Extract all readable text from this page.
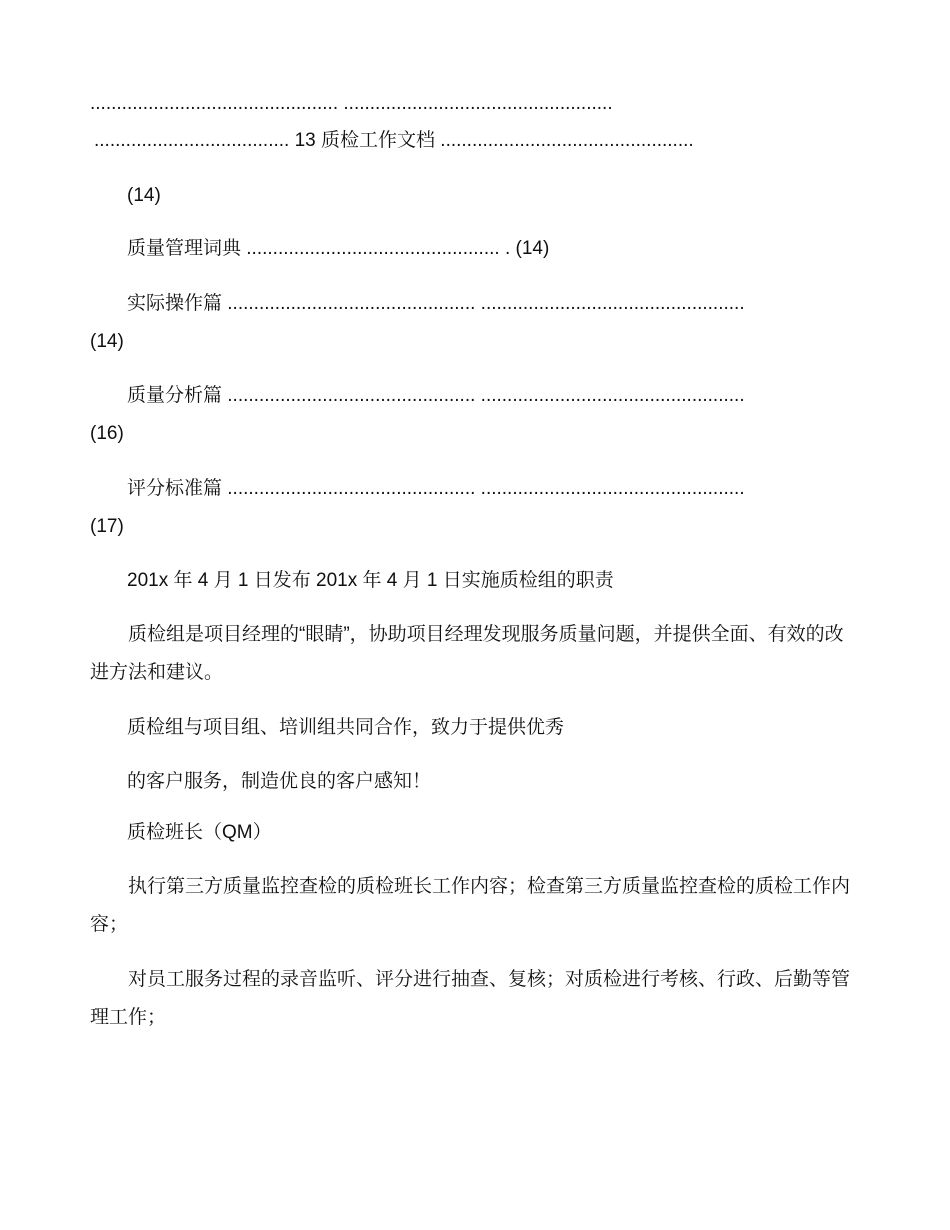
............................................... ...................................................
..................................... 13 质检工作文档 ................................................
(14)
质量管理词典 ................................................ . (14)
实际操作篇 ............................................... ..................................................
(14)
质量分析篇 ............................................... ..................................................
(16)
评分标准篇 ............................................... ..................................................
(17)
201x 年 4 月 1 日发布 201x 年 4 月 1 日实施质检组的职责
质检组是项目经理的“眼睛”，协助项目经理发现服务质量问题，并提供全面、有效的改进方法和建议。
质检组与项目组、培训组共同合作，致力于提供优秀
的客户服务，制造优良的客户感知！
质检班长（QM）
执行第三方质量监控查检的质检班长工作内容；检查第三方质量监控查检的质检工作内容；
对员工服务过程的录音监听、评分进行抽查、复核；对质检进行考核、行政、后勤等管理工作；
